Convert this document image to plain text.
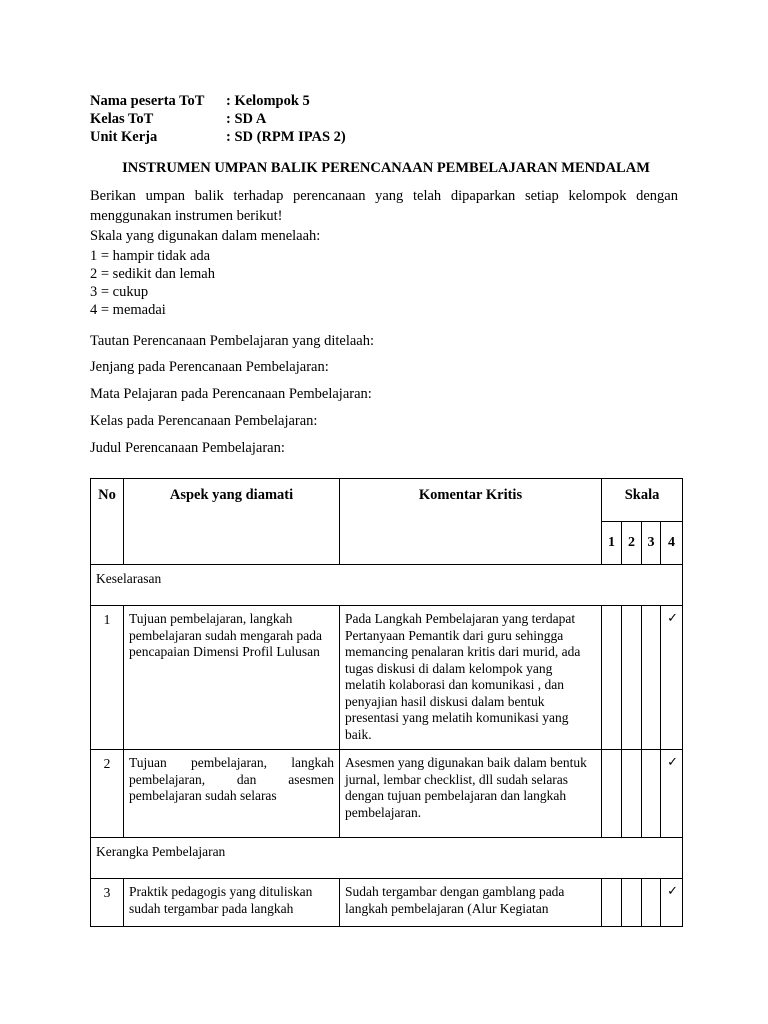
Nama peserta ToT : Kelompok 5
Kelas ToT	: SD A
Unit Kerja	: SD (RPM IPAS 2)
INSTRUMEN UMPAN BALIK PERENCANAAN PEMBELAJARAN MENDALAM
Berikan umpan balik terhadap perencanaan yang telah dipaparkan setiap kelompok dengan menggunakan instrumen berikut!
Skala yang digunakan dalam menelaah:
1 = hampir tidak ada
2 = sedikit dan lemah
3 = cukup
4 = memadai
Tautan Perencanaan Pembelajaran yang ditelaah:
Jenjang pada Perencanaan Pembelajaran:
Mata Pelajaran pada Perencanaan Pembelajaran:
Kelas pada Perencanaan Pembelajaran:
Judul Perencanaan Pembelajaran:
No	Aspek yang diamati	Komentar Kritis	Skala			
			1	2	3	4
Keselarasan						
1	Tujuan pembelajaran, langkah pembelajaran sudah mengarah pada pencapaian Dimensi Profil Lulusan	Pada Langkah Pembelajaran yang terdapat Pertanyaan Pemantik dari guru sehingga memancing penalaran kritis dari murid, ada tugas diskusi di dalam kelompok yang melatih kolaborasi dan komunikasi , dan penyajian hasil diskusi dalam bentuk presentasi yang melatih komunikasi yang baik.				✓
2	Tujuan pembelajaran, langkah pembelajaran, dan asesmen pembelajaran sudah selaras	Asesmen yang digunakan baik dalam bentuk jurnal, lembar checklist, dll sudah selaras dengan tujuan pembelajaran dan langkah pembelajaran.				✓
Kerangka Pembelajaran						
3	Praktik pedagogis yang dituliskan sudah tergambar pada langkah	Sudah tergambar dengan gamblang pada langkah pembelajaran (Alur Kegiatan				✓
